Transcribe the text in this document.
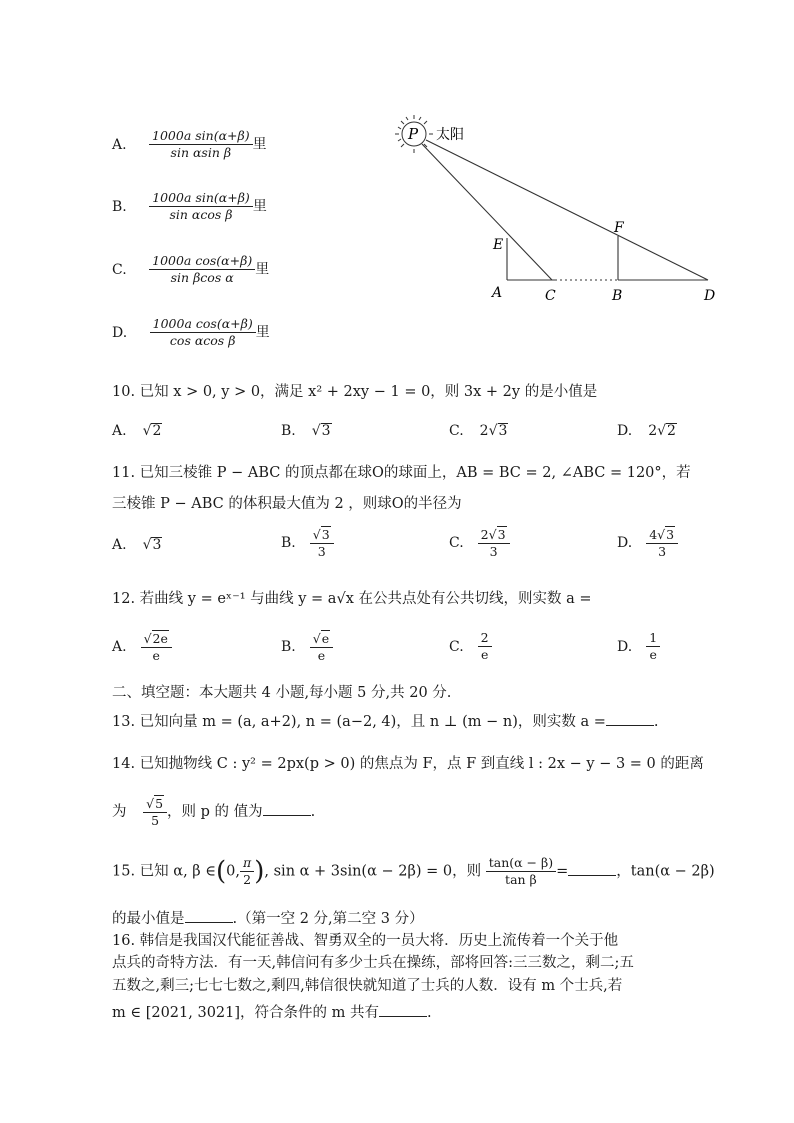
A. $\frac{\text{1000a sin(α+β)}}{\text{sin αsin β}}$ 里
B. $\frac{\text{1000a sin(α+β)}}{\text{sin αcos β}}$ 里
C. $\frac{\text{1000a cos(α+β)}}{\text{sin βcos α}}$ 里
D. $\frac{\text{1000a cos(α+β)}}{\text{cos αcos β}}$ 里
P 太阳
E
F
A	C	B	D
10. 已知 x > 0, y > 0，满足 x² + 2xy − 1 = 0，则 3x + 2y 的是小值是
A. √2	B. √3	C. 2√3	D. 2√2
11. 已知三棱锥 P − ABC 的顶点都在球O的球面上，AB = BC = 2, ∠ABC = 120°，若
三棱锥 P − ABC 的体积最大值为 2 ，则球O的半径为
A. √3	B. $\frac{√3}{3}$	C. $\frac{2√3}{3}$	D. $\frac{4√3}{3}$
12. 若曲线 y = eˣ⁻¹ 与曲线 y = a√x 在公共点处有公共切线，则实数 a =
A. $\frac{√2e}{e}$	B. $\frac{√e}{e}$	C. $\frac{2}{e}$	D. $\frac{1}{e}$
二、填空题：本大题共 4 小题,每小题 5 分,共 20 分.
13. 已知向量 m = (a, a+2), n = (a−2, 4)，且 n ⊥ (m − n)，则实数 a =	.
14. 已知抛物线 C : y² = 2px(p > 0) 的焦点为 F，点 F 到直线 l : 2x − y − 3 = 0 的距离
为 $\frac{√5}{5}$ ，则 p 的 值为	.
15. 已知 α, β ∈(0, $\frac{\pi}{2}$ ), sin α + 3sin(α − 2β) = 0，则 $\frac{\tan(\alpha - \beta)}{\text{tan β}}$ =	，tan(α − 2β)
的最小值是	.（第一空 2 分,第二空 3 分）
16. 韩信是我国汉代能征善战、智勇双全的一员大将．历史上流传着一个关于他
点兵的奇特方法．有一天,韩信问有多少士兵在操练，部将回答:三三数之，剩二;五
五数之,剩三;七七七数之,剩四,韩信很快就知道了士兵的人数．设有 m 个士兵,若
m ∈ [2021, 3021]，符合条件的 m 共有	.
